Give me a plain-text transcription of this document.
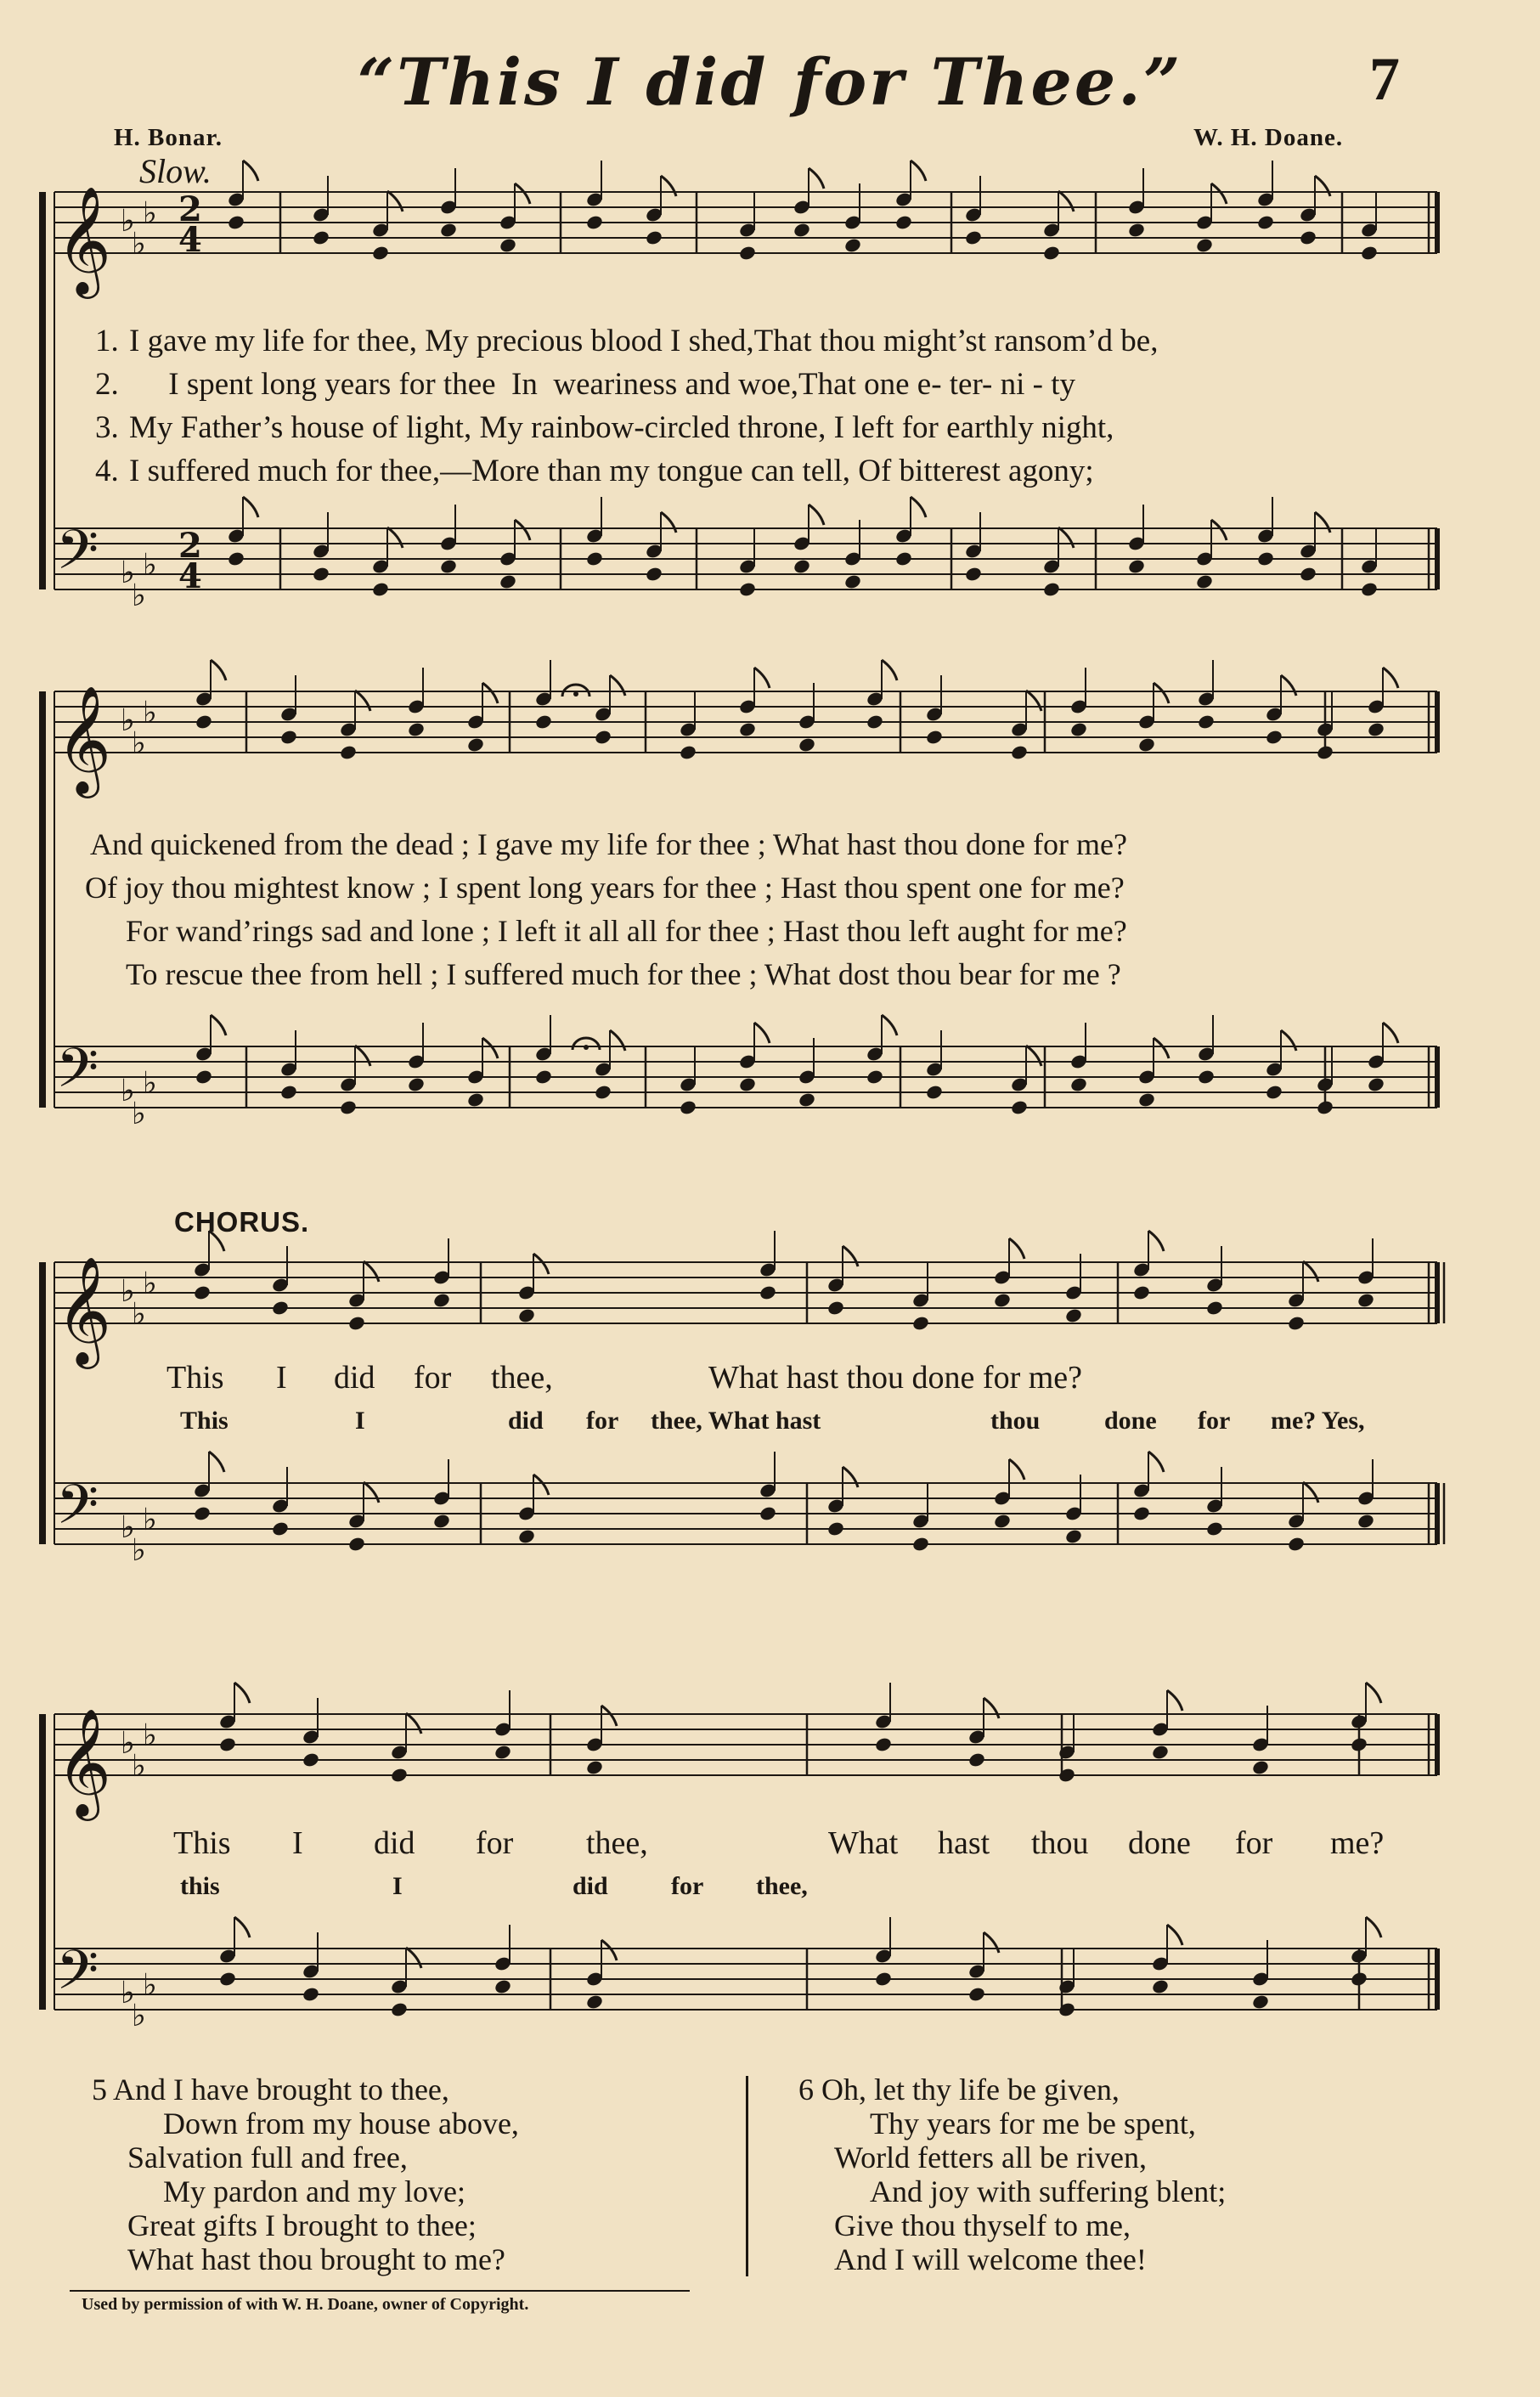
“This I did for Thee.”	7
H. Bonar.	W. H. Doane.
Slow.
𝄞
𝄢
♭
♭
♭
♭
♭
♭
2
4
2
4
𝄞
𝄢
♭
♭
♭
♭
♭
♭
𝄞
𝄢
♭
♭
♭
♭
♭
♭
𝄞
𝄢
♭
♭
♭
♭
♭
♭
1. I gave my life for thee, My precious blood I shed,That thou might’st ransom’d be,
2.     I spent long years for thee  In  weariness and woe,That one e- ter- ni - ty
3. My Father’s house of light, My rainbow-circled throne, I left for earthly night,
4. I suffered much for thee,—More than my tongue can tell, Of bitterest agony;
And quickened from the dead ; I gave my life for thee ; What hast thou done for me?
Of joy thou mightest know ; I spent long years for thee ; Hast thou spent one for me?
For wand’rings sad and lone ; I left it all all for thee ; Hast thou left aught for me?
To rescue thee from hell ; I suffered much for thee ; What dost thou bear for me ?
CHORUS.
This I did for thee,	What hast thou done for me?
This	I	did for thee, What hast	thou	done for me? Yes,
This I did for thee,	What hast thou done for me?
this	I	did for thee,
5 And I have brought to thee,
Down from my house above,
Salvation full and free,
My pardon and my love;
Great gifts I brought to thee;
What hast thou brought to me?
6 Oh, let thy life be given,
Thy years for me be spent,
World fetters all be riven,
And joy with suffering blent;
Give thou thyself to me,
And I will welcome thee!
Used by permission of with W. H. Doane, owner of Copyright.
